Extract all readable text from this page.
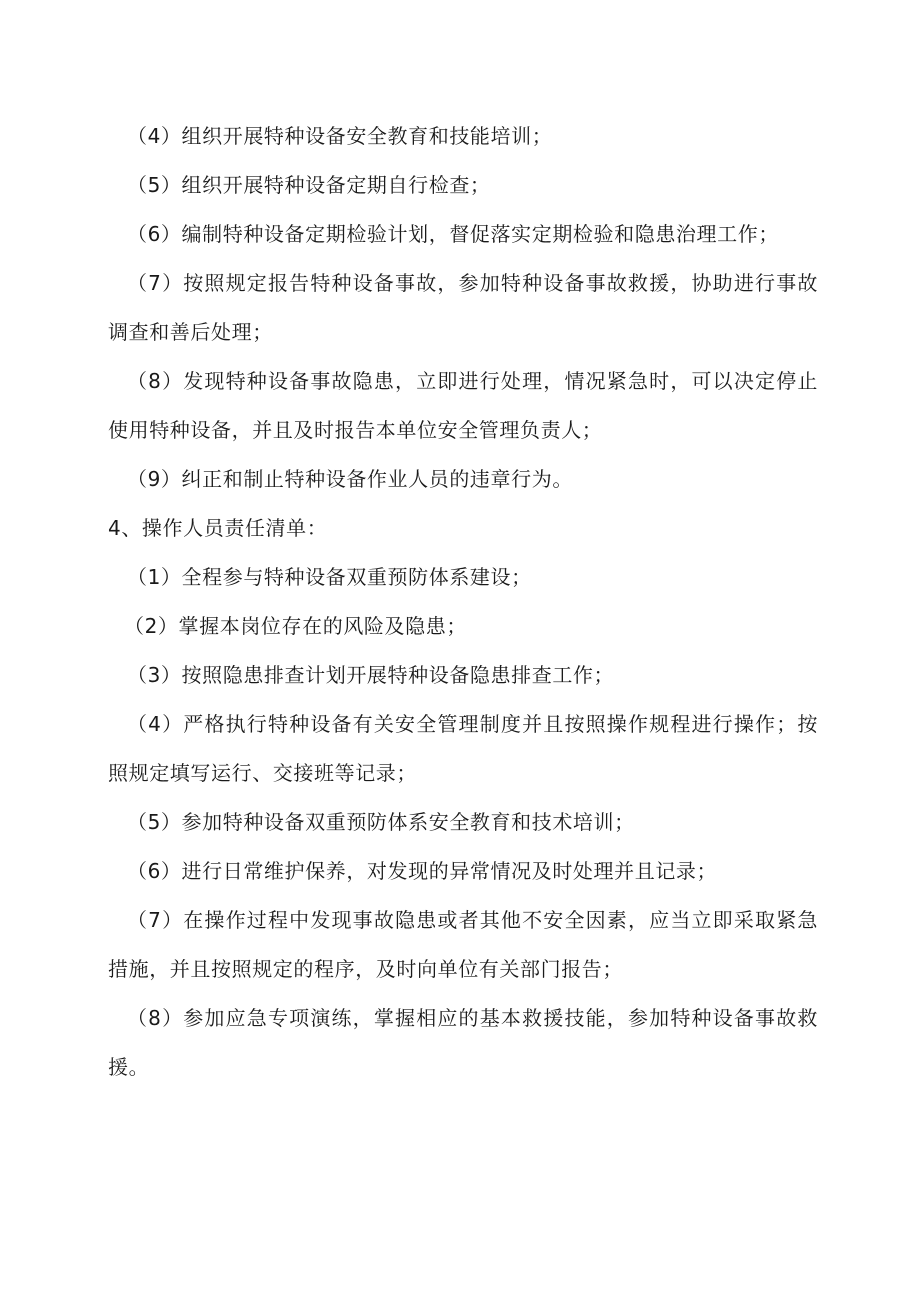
（4）组织开展特种设备安全教育和技能培训；

（5）组织开展特种设备定期自行检查；

（6）编制特种设备定期检验计划，督促落实定期检验和隐患治理工作；

（7）按照规定报告特种设备事故，参加特种设备事故救援，协助进行事故调查和善后处理；

（8）发现特种设备事故隐患，立即进行处理，情况紧急时，可以决定停止使用特种设备，并且及时报告本单位安全管理负责人；

（9）纠正和制止特种设备作业人员的违章行为。

4、操作人员责任清单：

（1）全程参与特种设备双重预防体系建设；

（2）掌握本岗位存在的风险及隐患；

（3）按照隐患排查计划开展特种设备隐患排查工作；

（4）严格执行特种设备有关安全管理制度并且按照操作规程进行操作；按照规定填写运行、交接班等记录；

（5）参加特种设备双重预防体系安全教育和技术培训；

（6）进行日常维护保养，对发现的异常情况及时处理并且记录；

（7）在操作过程中发现事故隐患或者其他不安全因素，应当立即采取紧急措施，并且按照规定的程序，及时向单位有关部门报告；

（8）参加应急专项演练，掌握相应的基本救援技能，参加特种设备事故救援。
